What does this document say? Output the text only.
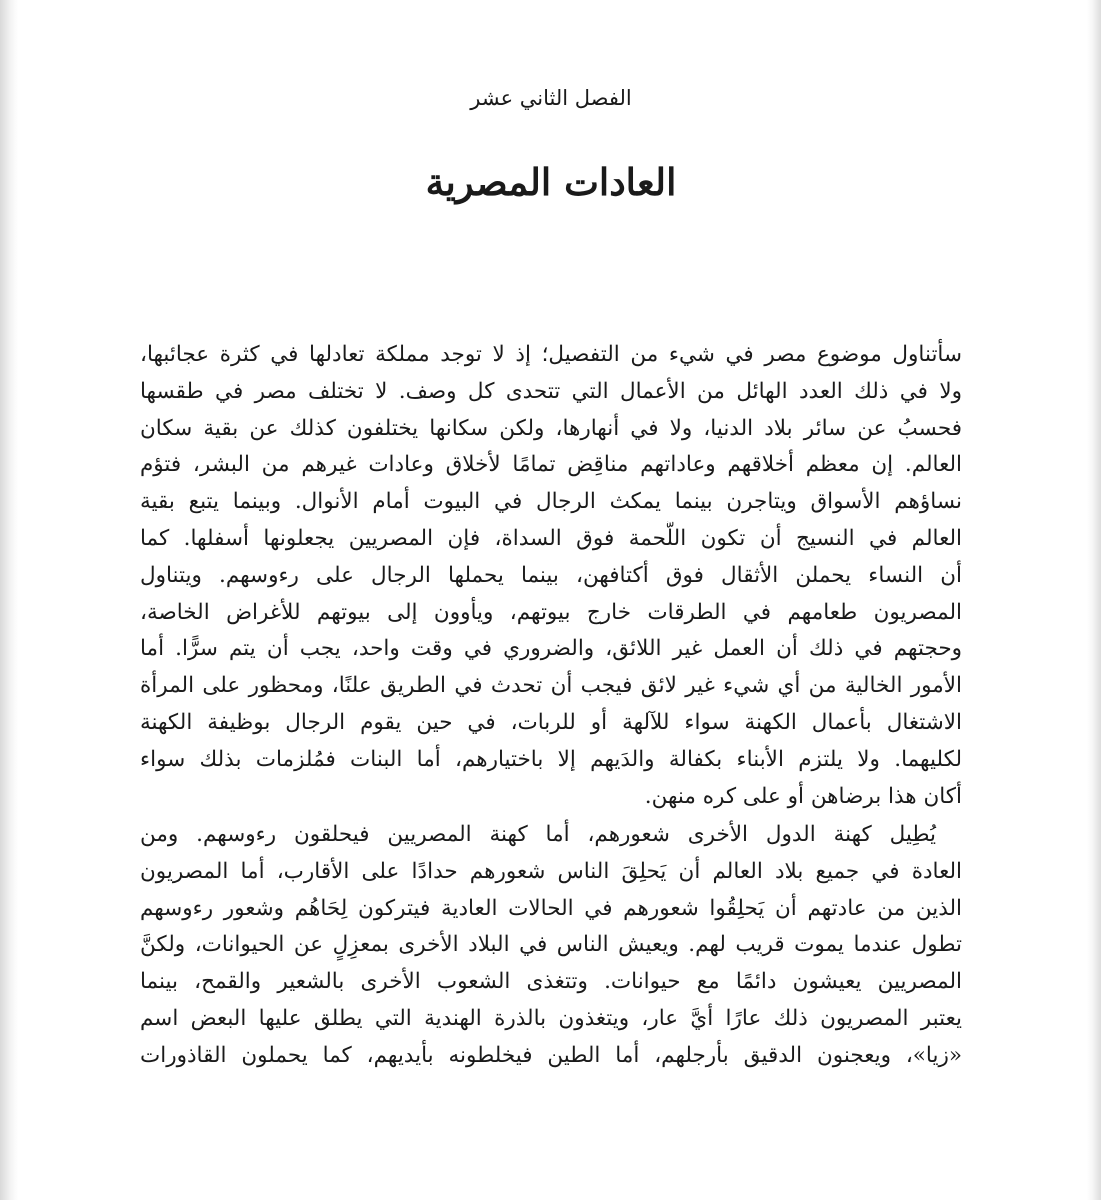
الفصل الثاني عشر
العادات المصرية
سأتناول موضوع مصر في شيء من التفصيل؛ إذ لا توجد مملكة تعادلها في كثرة عجائبها،
ولا في ذلك العدد الهائل من الأعمال التي تتحدى كل وصف. لا تختلف مصر في طقسها
فحسبُ عن سائر بلاد الدنيا، ولا في أنهارها، ولكن سكانها يختلفون كذلك عن بقية سكان
العالم. إن معظم أخلاقهم وعاداتهم مناقِض تمامًا لأخلاق وعادات غيرهم من البشر، فتؤم
نساؤهم الأسواق ويتاجرن بينما يمكث الرجال في البيوت أمام الأنوال. وبينما يتبع بقية
العالم في النسيج أن تكون اللُّحمة فوق السداة، فإن المصريين يجعلونها أسفلها. كما
أن النساء يحملن الأثقال فوق أكتافهن، بينما يحملها الرجال على رءوسهم. ويتناول
المصريون طعامهم في الطرقات خارج بيوتهم، ويأوون إلى بيوتهم للأغراض الخاصة،
وحجتهم في ذلك أن العمل غير اللائق، والضروري في وقت واحد، يجب أن يتم سرًّا. أما
الأمور الخالية من أي شيء غير لائق فيجب أن تحدث في الطريق علنًا، ومحظور على المرأة
الاشتغال بأعمال الكهنة سواء للآلهة أو للربات، في حين يقوم الرجال بوظيفة الكهنة
لكليهما. ولا يلتزم الأبناء بكفالة والدَيهم إلا باختيارهم، أما البنات فمُلزمات بذلك سواء
أكان هذا برضاهن أو على كره منهن.
يُطِيل كهنة الدول الأخرى شعورهم، أما كهنة المصريين فيحلقون رءوسهم. ومن
العادة في جميع بلاد العالم أن يَحلِقَ الناس شعورهم حدادًا على الأقارب، أما المصريون
الذين من عادتهم أن يَحلِقُوا شعورهم في الحالات العادية فيتركون لِحَاهُم وشعور رءوسهم
تطول عندما يموت قريب لهم. ويعيش الناس في البلاد الأخرى بمعزِلٍ عن الحيوانات، ولكنَّ
المصريين يعيشون دائمًا مع حيوانات. وتتغذى الشعوب الأخرى بالشعير والقمح، بينما
يعتبر المصريون ذلك عارًا أيَّ عار، ويتغذون بالذرة الهندية التي يطلق عليها البعض اسم
«زيا»، ويعجنون الدقيق بأرجلهم، أما الطين فيخلطونه بأيديهم، كما يحملون القاذورات
